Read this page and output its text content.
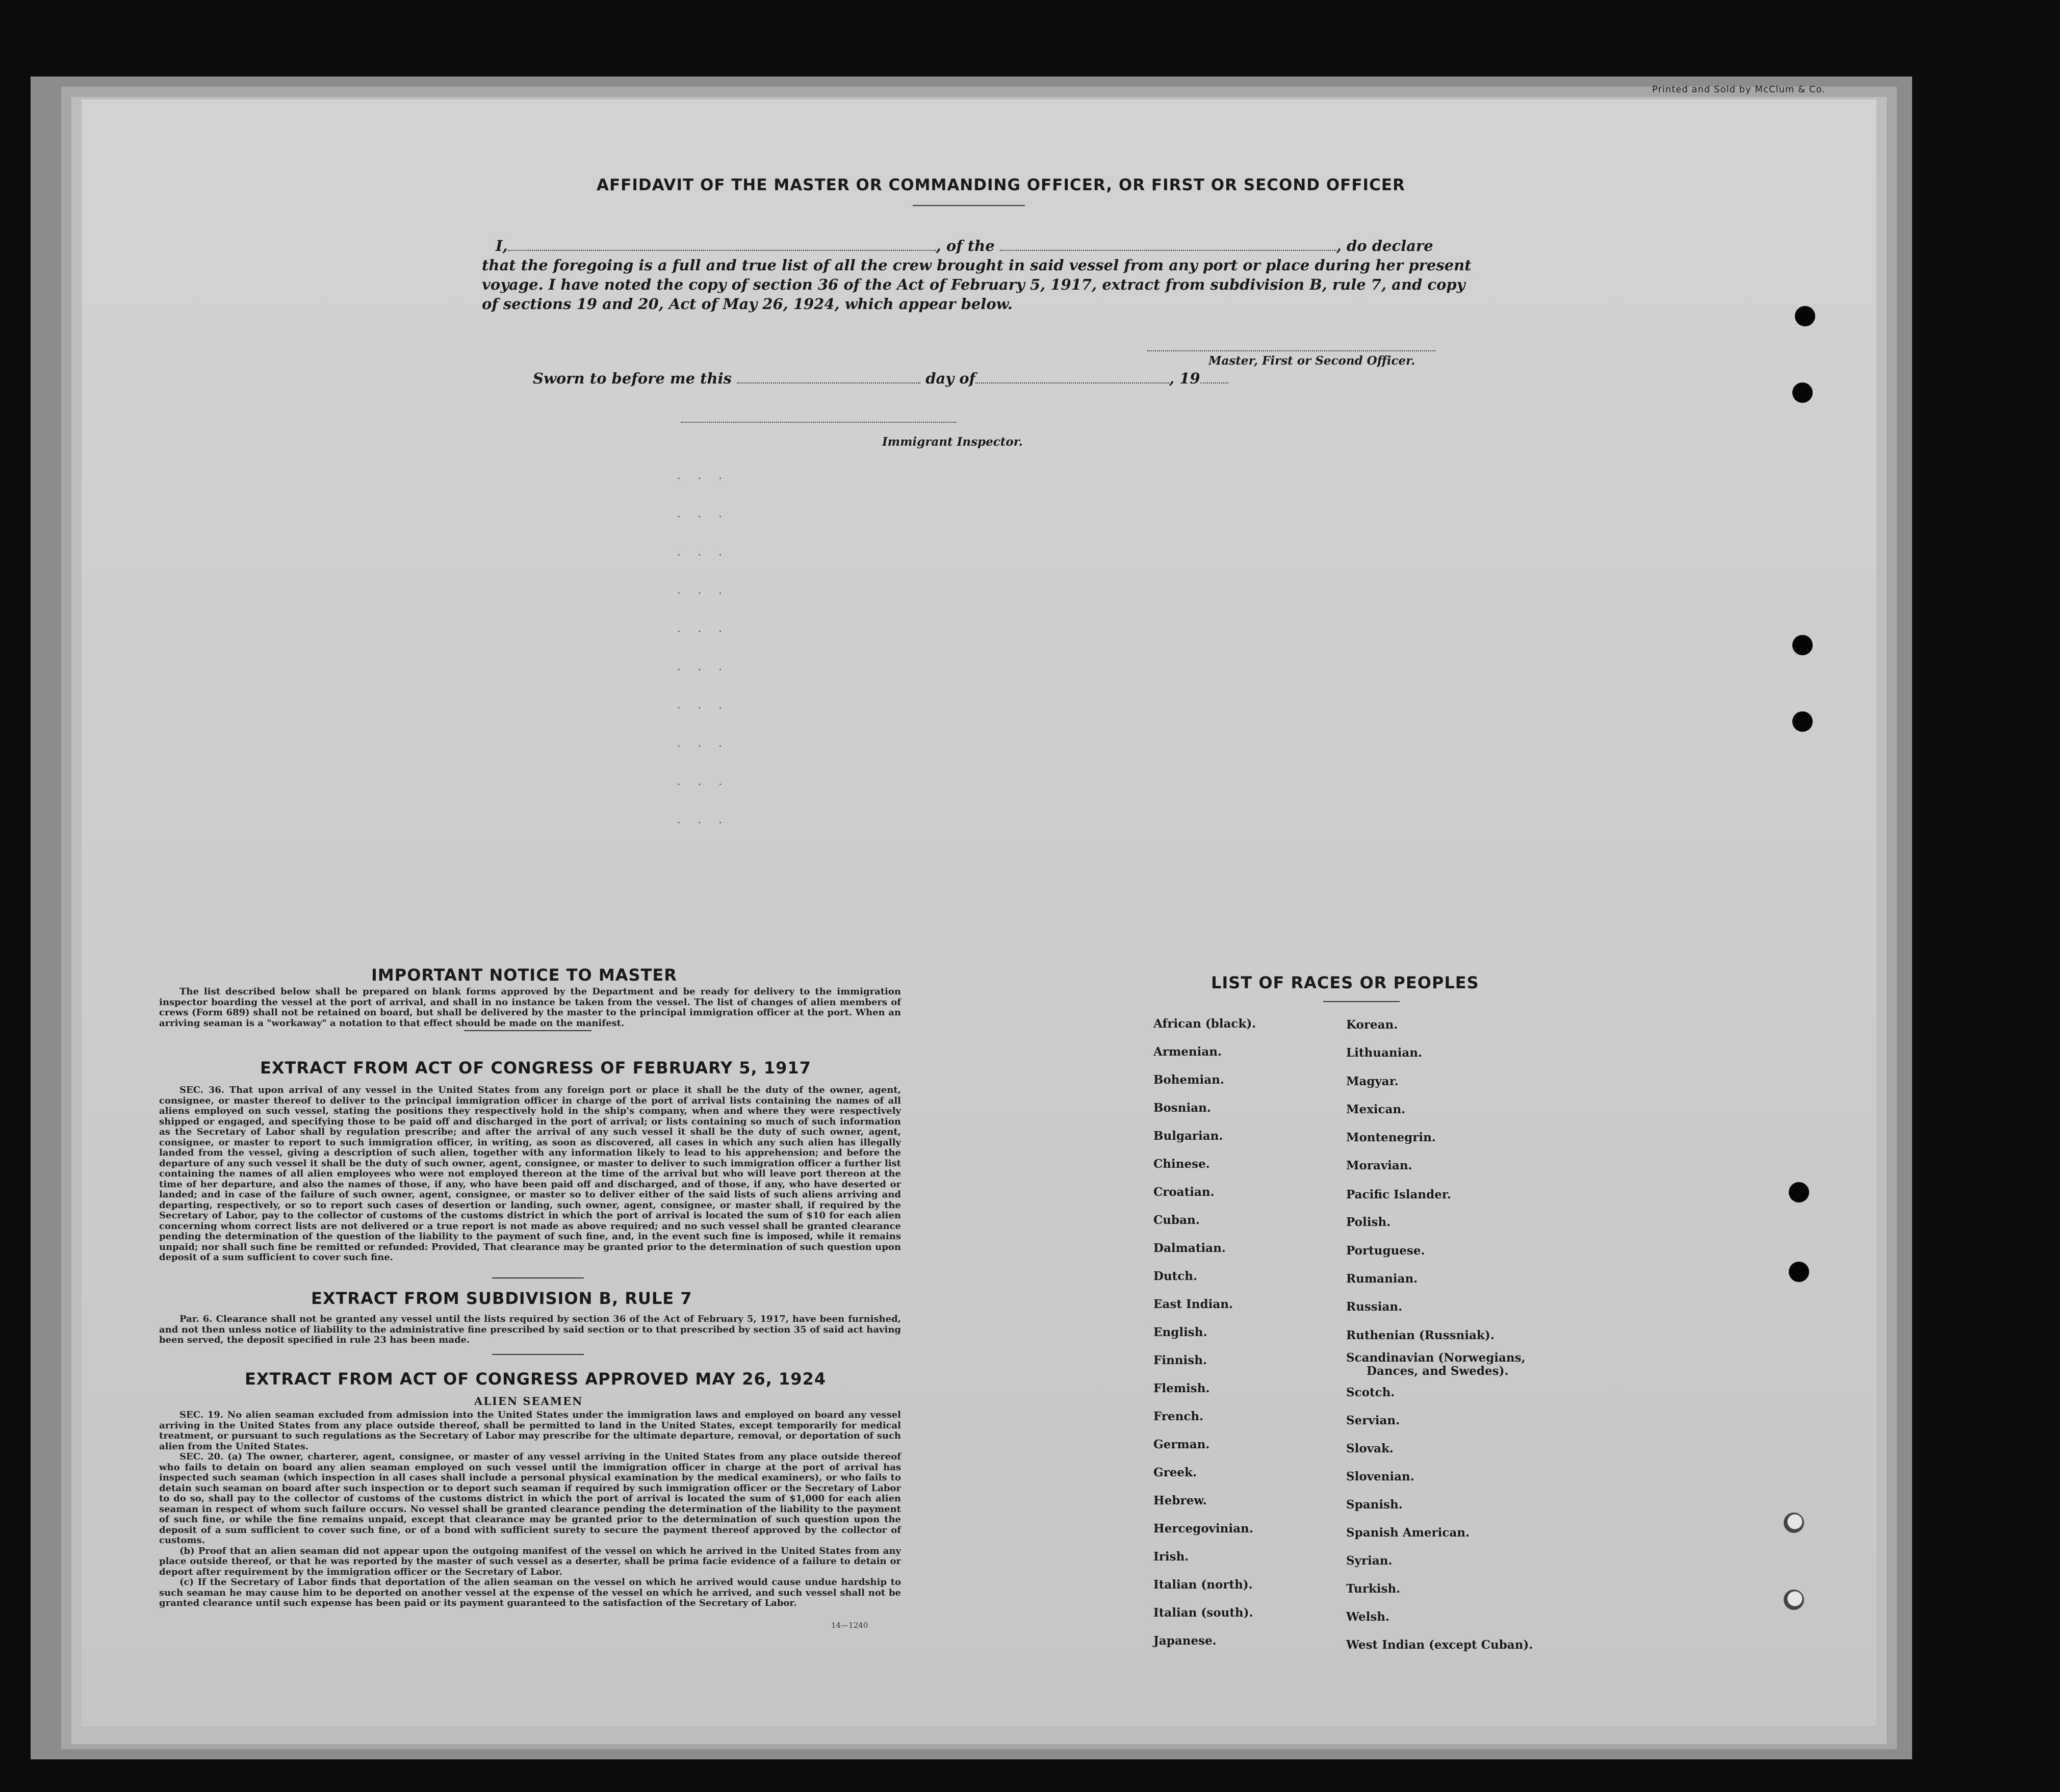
Printed and Sold by McClum & Co.
AFFIDAVIT OF THE MASTER OR COMMANDING OFFICER, OR FIRST OR SECOND OFFICER
I,	, of the	, do declare
that the foregoing is a full and true list of all the crew brought in said vessel from any port or place during her present
voyage. I have noted the copy of section 36 of the Act of February 5, 1917, extract from subdivision B, rule 7, and copy
of sections 19 and 20, Act of May 26, 1924, which appear below.
Master, First or Second Officer.
Sworn to before me this	day of	, 19
Immigrant Inspector.
. . .
. . .
. . .
. . .
. . .
. . .
. . .
. . .
. . .
. . .
IMPORTANT NOTICE TO MASTER
The list described below shall be prepared on blank forms approved by the Department and be ready for delivery to the immigration inspector boarding the vessel at the port of arrival, and shall in no instance be taken from the vessel. The list of changes of alien members of crews (Form 689) shall not be retained on board, but shall be delivered by the master to the principal immigration officer at the port. When an arriving seaman is a "workaway" a notation to that effect should be made on the manifest.
EXTRACT FROM ACT OF CONGRESS OF FEBRUARY 5, 1917
SEC. 36. That upon arrival of any vessel in the United States from any foreign port or place it shall be the duty of the owner, agent, consignee, or master thereof to deliver to the principal immigration officer in charge of the port of arrival lists containing the names of all aliens employed on such vessel, stating the positions they respectively hold in the ship's company, when and where they were respectively shipped or engaged, and specifying those to be paid off and discharged in the port of arrival; or lists containing so much of such information as the Secretary of Labor shall by regulation prescribe; and after the arrival of any such vessel it shall be the duty of such owner, agent, consignee, or master to report to such immigration officer, in writing, as soon as discovered, all cases in which any such alien has illegally landed from the vessel, giving a description of such alien, together with any information likely to lead to his apprehension; and before the departure of any such vessel it shall be the duty of such owner, agent, consignee, or master to deliver to such immigration officer a further list containing the names of all alien employees who were not employed thereon at the time of the arrival but who will leave port thereon at the time of her departure, and also the names of those, if any, who have been paid off and discharged, and of those, if any, who have deserted or landed; and in case of the failure of such owner, agent, consignee, or master so to deliver either of the said lists of such aliens arriving and departing, respectively, or so to report such cases of desertion or landing, such owner, agent, consignee, or master shall, if required by the Secretary of Labor, pay to the collector of customs of the customs district in which the port of arrival is located the sum of $10 for each alien concerning whom correct lists are not delivered or a true report is not made as above required; and no such vessel shall be granted clearance pending the determination of the question of the liability to the payment of such fine, and, in the event such fine is imposed, while it remains unpaid; nor shall such fine be remitted or refunded: Provided, That clearance may be granted prior to the determination of such question upon deposit of a sum sufficient to cover such fine.
EXTRACT FROM SUBDIVISION B, RULE 7
Par. 6. Clearance shall not be granted any vessel until the lists required by section 36 of the Act of February 5, 1917, have been furnished, and not then unless notice of liability to the administrative fine prescribed by said section or to that prescribed by section 35 of said act having been served, the deposit specified in rule 23 has been made.
EXTRACT FROM ACT OF CONGRESS APPROVED MAY 26, 1924
ALIEN SEAMEN

SEC. 19. No alien seaman excluded from admission into the United States under the immigration laws and employed on board any vessel arriving in the United States from any place outside thereof, shall be permitted to land in the United States, except temporarily for medical treatment, or pursuant to such regulations as the Secretary of Labor may prescribe for the ultimate departure, removal, or deportation of such alien from the United States.

SEC. 20. (a) The owner, charterer, agent, consignee, or master of any vessel arriving in the United States from any place outside thereof who fails to detain on board any alien seaman employed on such vessel until the immigration officer in charge at the port of arrival has inspected such seaman (which inspection in all cases shall include a personal physical examination by the medical examiners), or who fails to detain such seaman on board after such inspection or to deport such seaman if required by such immigration officer or the Secretary of Labor to do so, shall pay to the collector of customs of the customs district in which the port of arrival is located the sum of $1,000 for each alien seaman in respect of whom such failure occurs. No vessel shall be granted clearance pending the determination of the liability to the payment of such fine, or while the fine remains unpaid, except that clearance may be granted prior to the determination of such question upon the deposit of a sum sufficient to cover such fine, or of a bond with sufficient surety to secure the payment thereof approved by the collector of customs.

(b) Proof that an alien seaman did not appear upon the outgoing manifest of the vessel on which he arrived in the United States from any place outside thereof, or that he was reported by the master of such vessel as a deserter, shall be prima facie evidence of a failure to detain or deport after requirement by the immigration officer or the Secretary of Labor.

(c) If the Secretary of Labor finds that deportation of the alien seaman on the vessel on which he arrived would cause undue hardship to such seaman he may cause him to be deported on another vessel at the expense of the vessel on which he arrived, and such vessel shall not be granted clearance until such expense has been paid or its payment guaranteed to the satisfaction of the Secretary of Labor.

14—1240
LIST OF RACES OR PEOPLES
African (black).
Armenian.
Bohemian.
Bosnian.
Bulgarian.
Chinese.
Croatian.
Cuban.
Dalmatian.
Dutch.
East Indian.
English.
Finnish.
Flemish.
French.
German.
Greek.
Hebrew.
Hercegovinian.
Irish.
Italian (north).
Italian (south).
Japanese.
Korean.
Lithuanian.
Magyar.
Mexican.
Montenegrin.
Moravian.
Pacific Islander.
Polish.
Portuguese.
Rumanian.
Russian.
Ruthenian (Russniak).
Scandinavian (Norwegians,
Dances, and Swedes).
Scotch.
Servian.
Slovak.
Slovenian.
Spanish.
Spanish American.
Syrian.
Turkish.
Welsh.
West Indian (except Cuban).
